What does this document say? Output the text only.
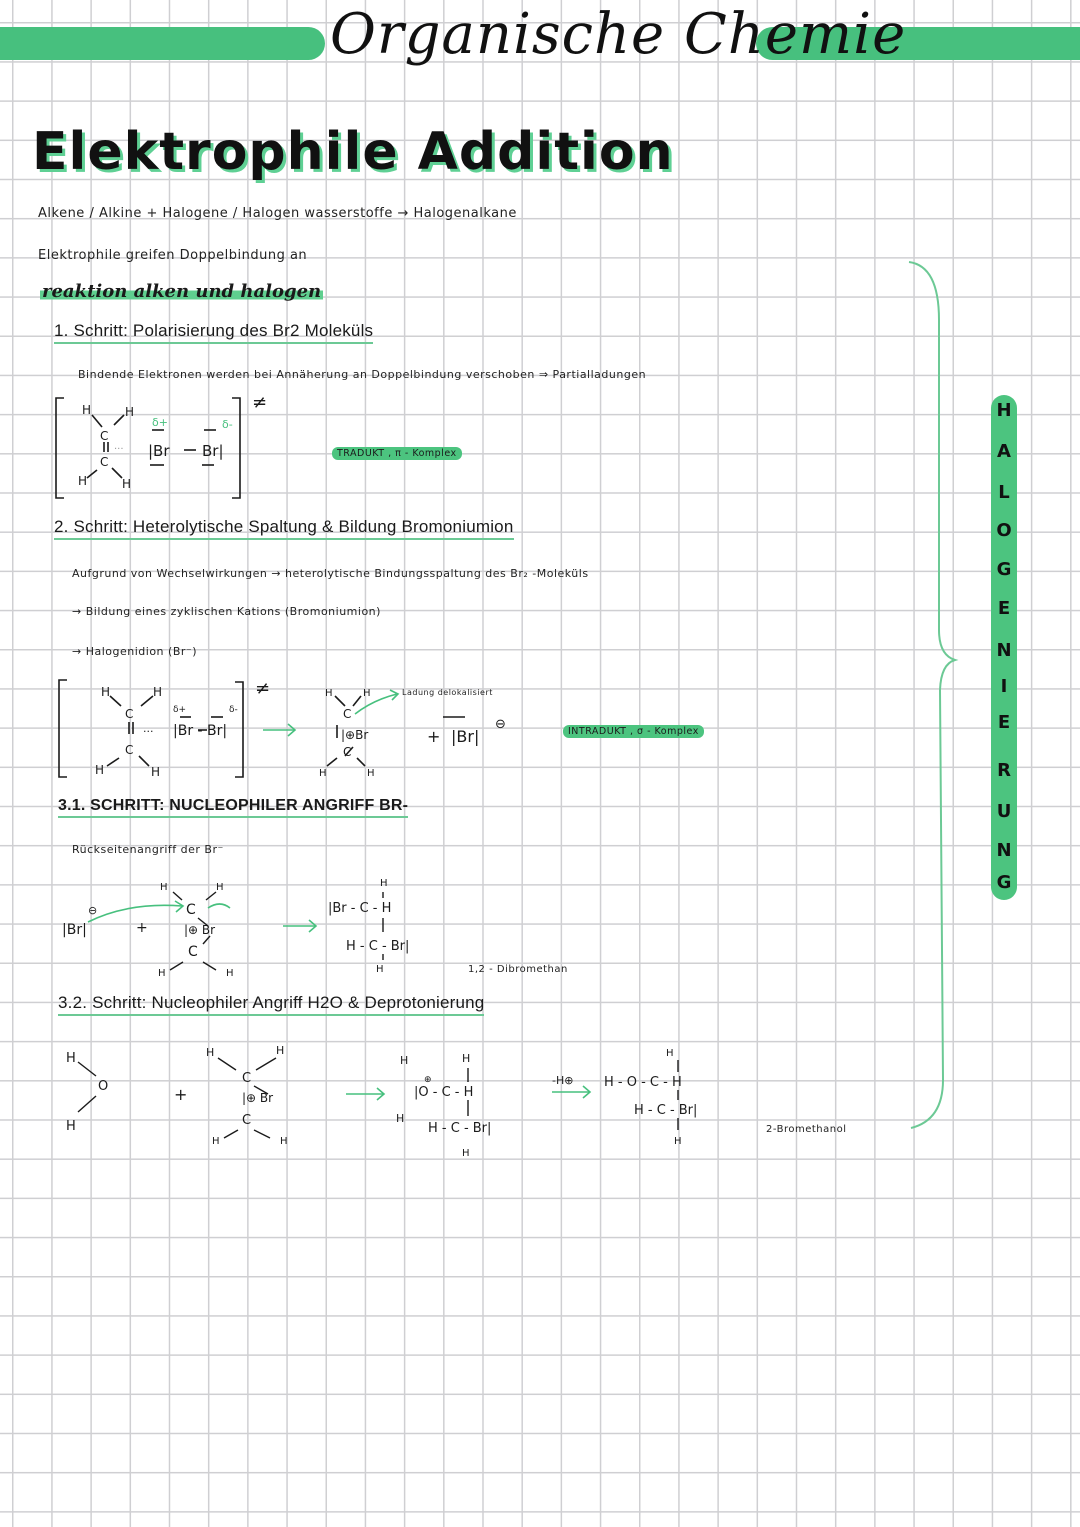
Organische Chemie
Elektrophile Addition
Alkene / Alkine + Halogene / Halogen wasserstoffe → Halogenalkane
Elektrophile greifen Doppelbindung an
reaktion alken und halogen
1. Schritt: Polarisierung des Br2 Moleküls
Bindende Elektronen werden bei Annäherung an Doppelbindung verschoben ⇒ Partialladungen
H	H
C
C
H	H
··· |Br Br|
δ+	δ-
≠
TRADUKT , π - Komplex
2. Schritt: Heterolytische Spaltung & Bildung Bromoniumion
Aufgrund von Wechselwirkungen → heterolytische Bindungsspaltung des Br₂ -Moleküls
→ Bildung eines zyklischen Kations (Bromoniumion)
→ Halogenidion (Br⁻)
H	H
C
C
H	H
··· |Br - Br|
δ+	δ-
H	H
C
|⊕Br
C
H	H
+ |Br|
⊖
≠	Ladung delokalisiert
INTRADUKT , σ - Komplex
3.1. SCHRITT: NUCLEOPHILER ANGRIFF BR-
Rückseitenangriff der Br⁻
|Br|
⊖
+
H	H
C
|⊕ Br
C
H	H
H
|Br - C - H
H - C - Br|
H	1,2 - Dibromethan
3.2. Schritt: Nucleophiler Angriff H2O & Deprotonierung
H
O
H
+
H	H
C
|⊕ Br
C
H	H
H	H
|O - C - H
⊕
H
H - C - Br|
H
-H⊕ H - O - C - H
H
H - C - Br|
H
2-Bromethanol
H
A
L
O
G
E
N
I
E
R
U
N
G
